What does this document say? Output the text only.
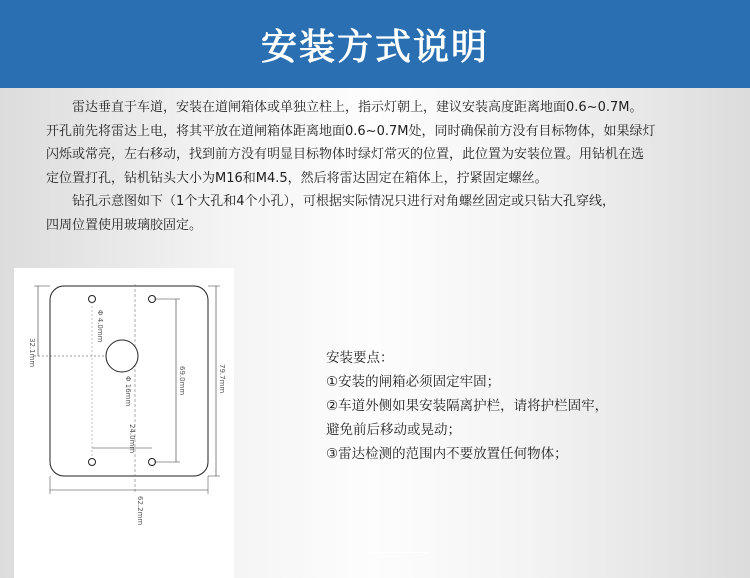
安装方式说明

雷达垂直于车道，安装在道闸箱体或单独立柱上，指示灯朝上，建议安装高度距离地面0.6~0.7M。

开孔前先将雷达上电，将其平放在道闸箱体距离地面0.6~0.7M处，同时确保前方没有目标物体，如果绿灯

闪烁或常亮，左右移动，找到前方没有明显目标物体时绿灯常灭的位置，此位置为安装位置。用钻机在选

定位置打孔，钻机钻头大小为M16和M4.5，然后将雷达固定在箱体上，拧紧固定螺丝。

钻孔示意图如下（1个大孔和4个小孔），可根据实际情况只进行对角螺丝固定或只钻大孔穿线，

四周位置使用玻璃胶固定。

32.1mm
Φ 4.0mm
Φ 16mm	69.0mm	79.7mm
24.0mm
62.2mm
安装要点：
①安装的闸箱必须固定牢固；
②车道外侧如果安装隔离护栏，请将护栏固牢，
避免前后移动或晃动；
③雷达检测的范围内不要放置任何物体；
